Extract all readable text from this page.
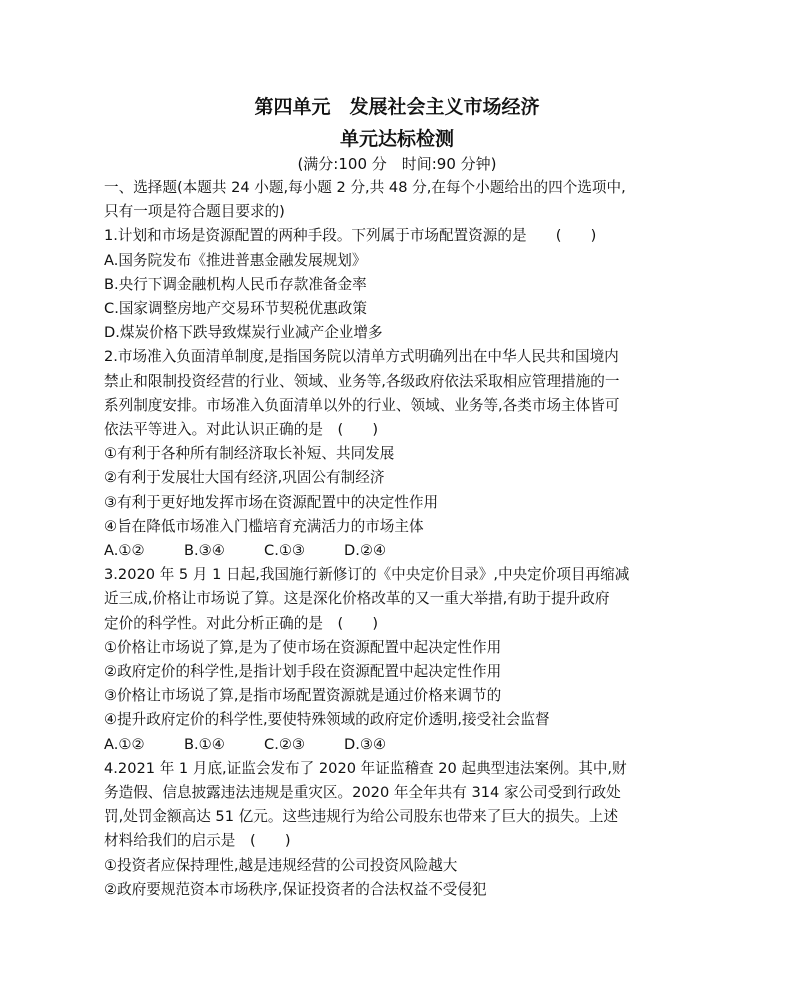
第四单元　发展社会主义市场经济
单元达标检测
(满分:100 分　时间:90 分钟)
一、选择题(本题共 24 小题,每小题 2 分,共 48 分,在每个小题给出的四个选项中,
只有一项是符合题目要求的)
1.计划和市场是资源配置的两种手段。下列属于市场配置资源的是　　(　　)
A.国务院发布《推进普惠金融发展规划》
B.央行下调金融机构人民币存款准备金率
C.国家调整房地产交易环节契税优惠政策
D.煤炭价格下跌导致煤炭行业减产企业增多
2.市场准入负面清单制度,是指国务院以清单方式明确列出在中华人民共和国境内
禁止和限制投资经营的行业、领域、业务等,各级政府依法采取相应管理措施的一
系列制度安排。市场准入负面清单以外的行业、领域、业务等,各类市场主体皆可
依法平等进入。对此认识正确的是　(　　)
①有利于各种所有制经济取长补短、共同发展
②有利于发展壮大国有经济,巩固公有制经济
③有利于更好地发挥市场在资源配置中的决定性作用
④旨在降低市场准入门槛培育充满活力的市场主体
A.①②	B.③④	C.①③	D.②④
3.2020 年 5 月 1 日起,我国施行新修订的《中央定价目录》,中央定价项目再缩减
近三成,价格让市场说了算。这是深化价格改革的又一重大举措,有助于提升政府
定价的科学性。对此分析正确的是　(　　)
①价格让市场说了算,是为了使市场在资源配置中起决定性作用
②政府定价的科学性,是指计划手段在资源配置中起决定性作用
③价格让市场说了算,是指市场配置资源就是通过价格来调节的
④提升政府定价的科学性,要使特殊领域的政府定价透明,接受社会监督
A.①②	B.①④	C.②③	D.③④
4.2021 年 1 月底,证监会发布了 2020 年证监稽查 20 起典型违法案例。其中,财
务造假、信息披露违法违规是重灾区。2020 年全年共有 314 家公司受到行政处
罚,处罚金额高达 51 亿元。这些违规行为给公司股东也带来了巨大的损失。上述
材料给我们的启示是　(　　)
①投资者应保持理性,越是违规经营的公司投资风险越大
②政府要规范资本市场秩序,保证投资者的合法权益不受侵犯
